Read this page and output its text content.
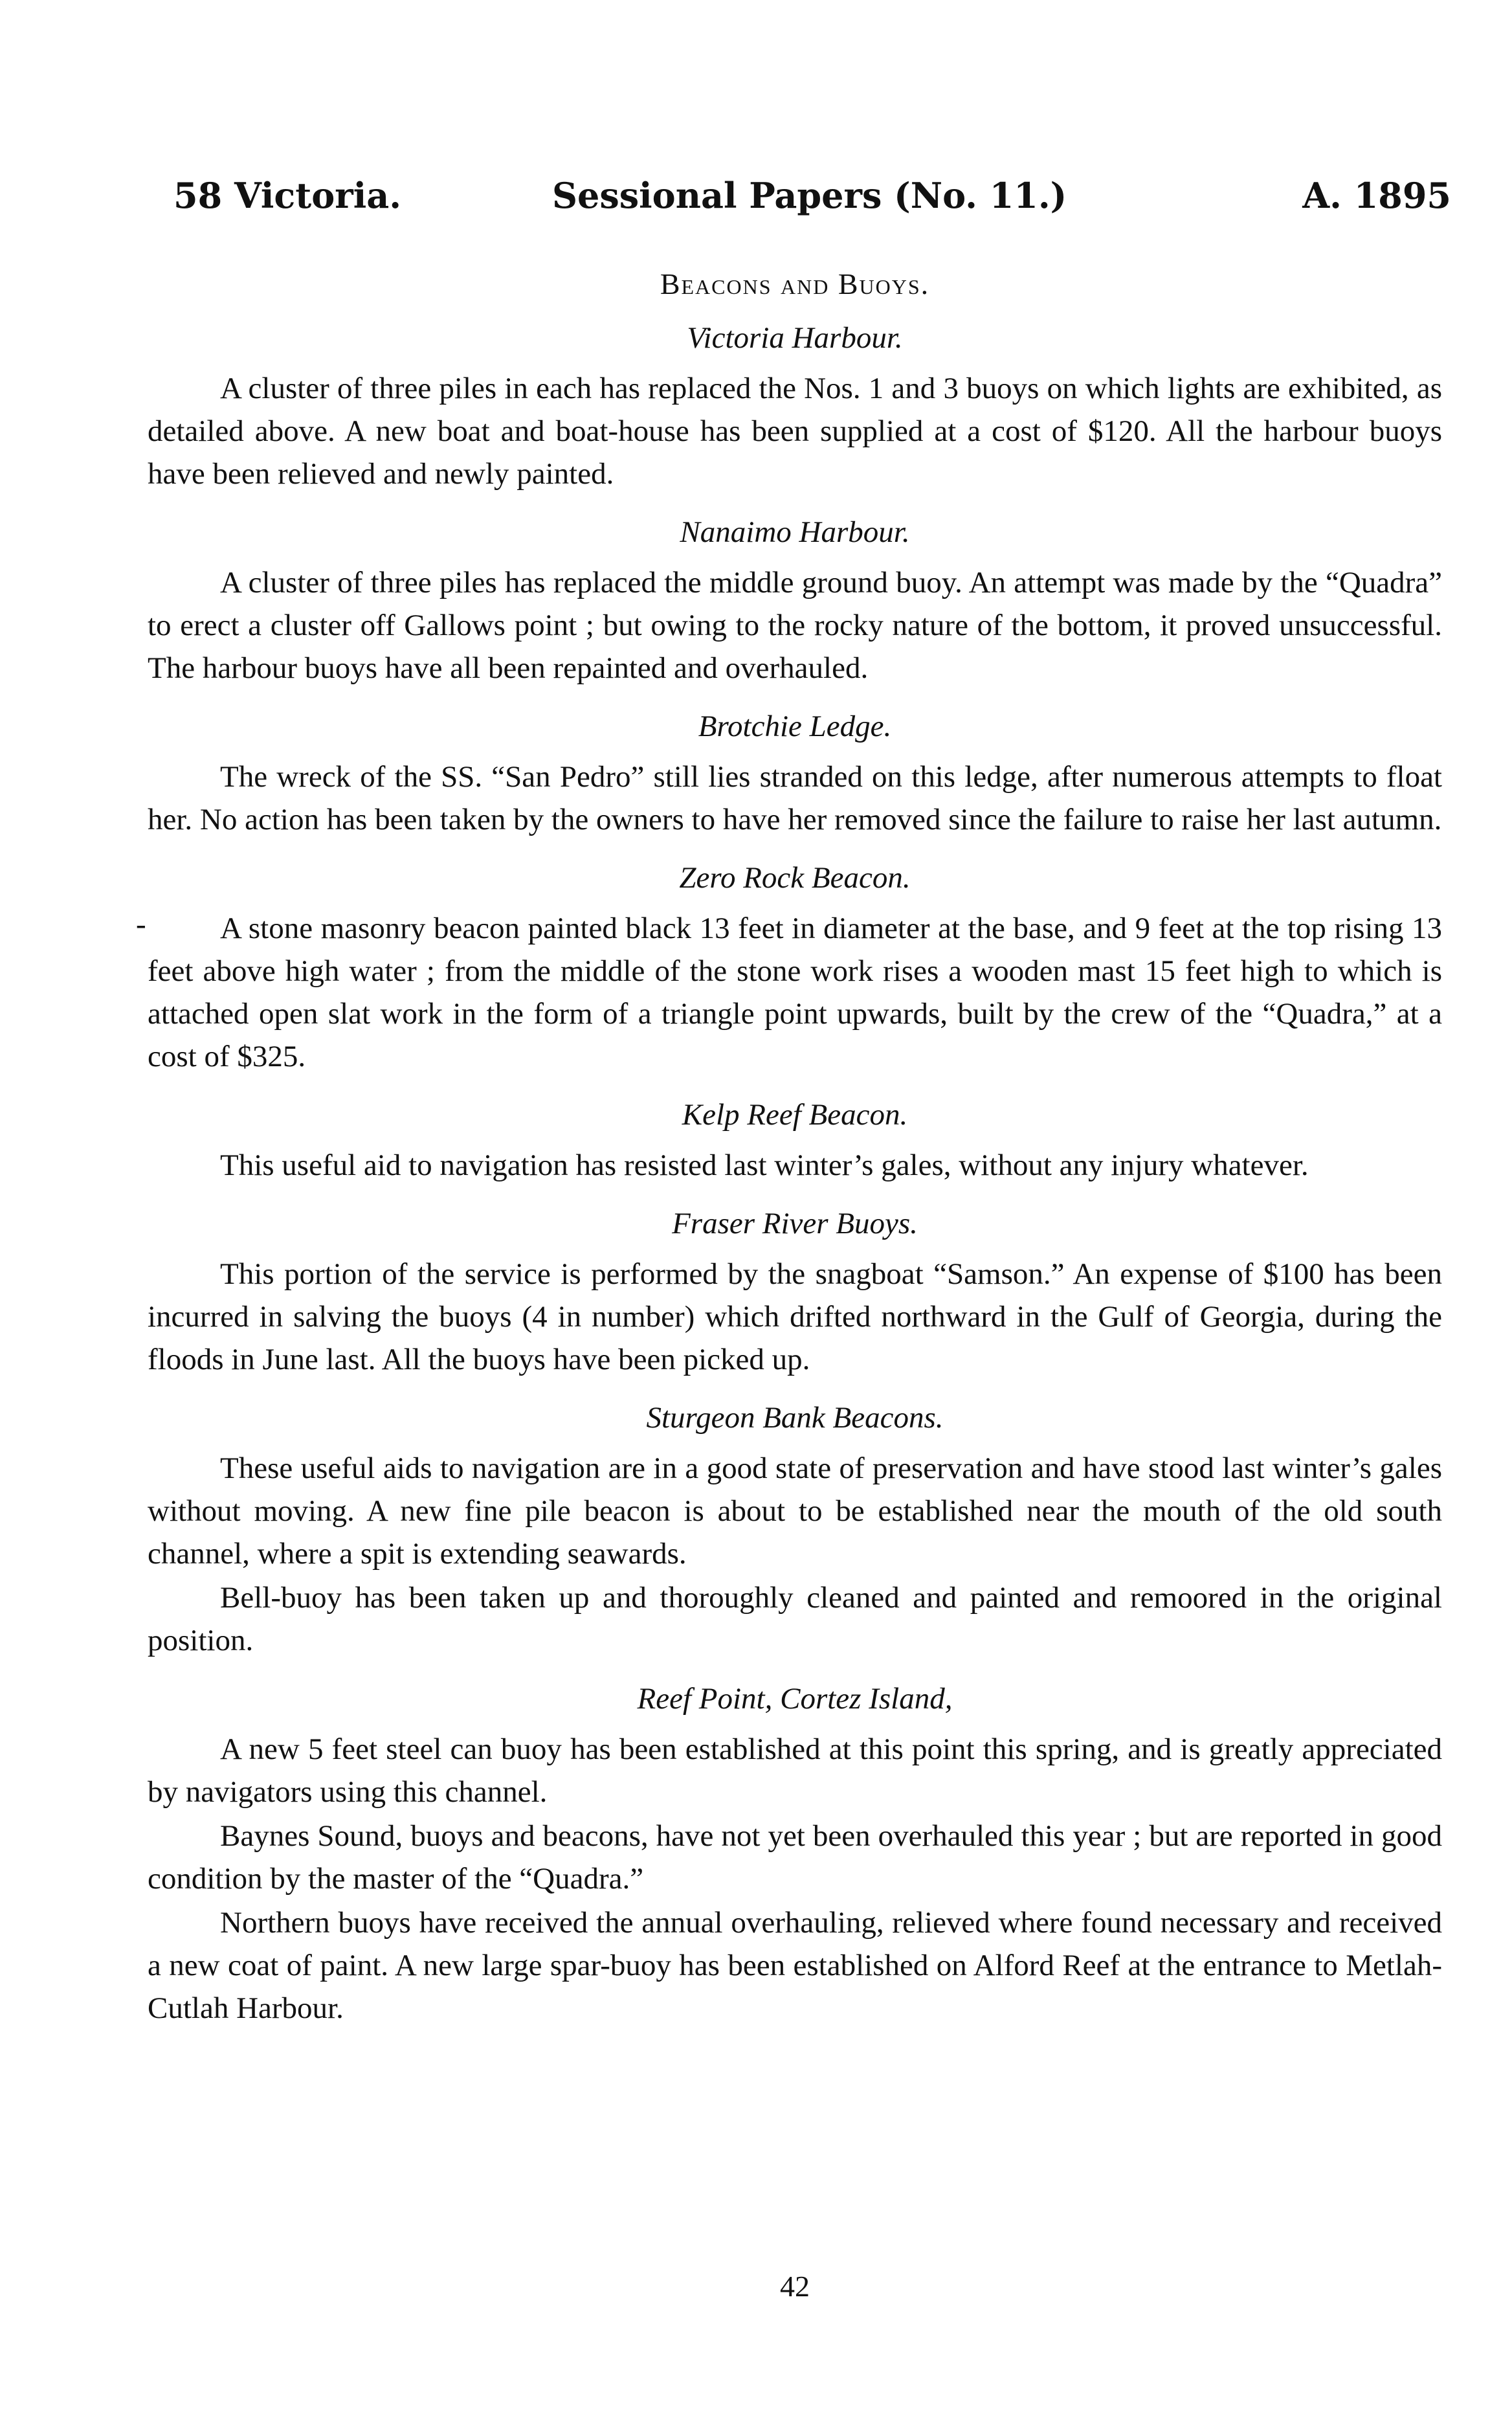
58 Victoria.	Sessional Papers (No. 11.)	A. 1895
Beacons and Buoys.
Victoria Harbour.

A cluster of three piles in each has replaced the Nos. 1 and 3 buoys on which lights are exhibited, as detailed above. A new boat and boat-house has been supplied at a cost of $120. All the harbour buoys have been relieved and newly painted.

Nanaimo Harbour.

A cluster of three piles has replaced the middle ground buoy. An attempt was made by the “Quadra” to erect a cluster off Gallows point ; but owing to the rocky nature of the bottom, it proved unsuccessful. The harbour buoys have all been repainted and overhauled.

Brotchie Ledge.

The wreck of the SS. “San Pedro” still lies stranded on this ledge, after numerous attempts to float her. No action has been taken by the owners to have her removed since the failure to raise her last autumn.

Zero Rock Beacon.
-	A stone masonry beacon painted black 13 feet in diameter at the base, and 9 feet at the top rising 13 feet above high water ; from the middle of the stone work rises a wooden mast 15 feet high to which is attached open slat work in the form of a triangle point upwards, built by the crew of the “Quadra,” at a cost of $325.

Kelp Reef Beacon.

This useful aid to navigation has resisted last winter’s gales, without any injury whatever.

Fraser River Buoys.

This portion of the service is performed by the snagboat “Samson.” An expense of $100 has been incurred in salving the buoys (4 in number) which drifted northward in the Gulf of Georgia, during the floods in June last. All the buoys have been picked up.

Sturgeon Bank Beacons.

These useful aids to navigation are in a good state of preservation and have stood last winter’s gales without moving. A new fine pile beacon is about to be established near the mouth of the old south channel, where a spit is extending seawards.

Bell-buoy has been taken up and thoroughly cleaned and painted and remoored in the original position.

Reef Point, Cortez Island,

A new 5 feet steel can buoy has been established at this point this spring, and is greatly appreciated by navigators using this channel.

Baynes Sound, buoys and beacons, have not yet been overhauled this year ; but are reported in good condition by the master of the “Quadra.”

Northern buoys have received the annual overhauling, relieved where found necessary and received a new coat of paint. A new large spar-buoy has been established on Alford Reef at the entrance to Metlah-Cutlah Harbour.

42
